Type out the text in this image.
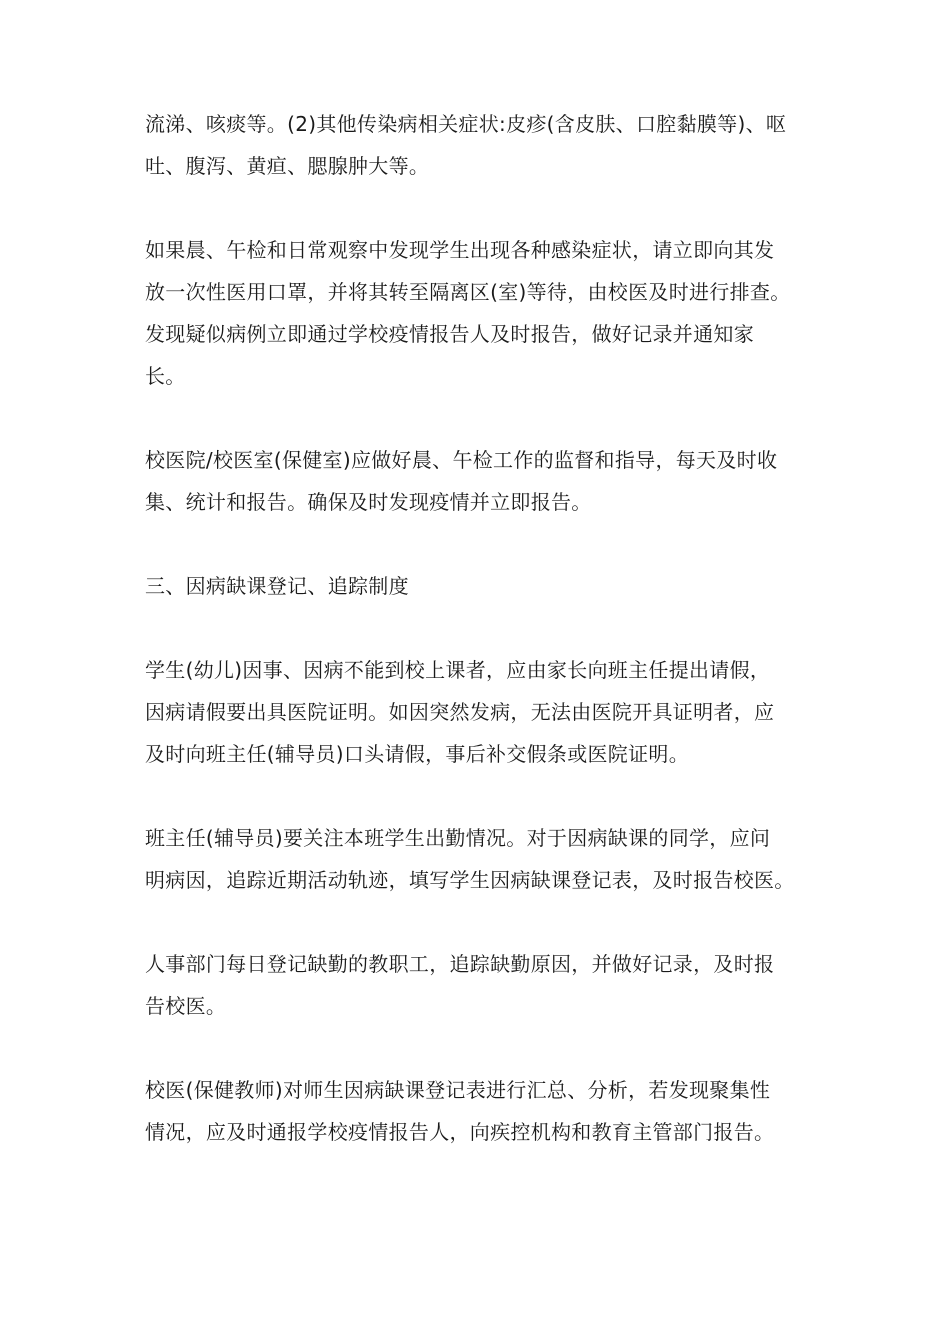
流涕、咳痰等。(2)其他传染病相关症状:皮疹(含皮肤、口腔黏膜等)、呕
吐、腹泻、黄疸、腮腺肿大等。
如果晨、午检和日常观察中发现学生出现各种感染症状，请立即向其发
放一次性医用口罩，并将其转至隔离区(室)等待，由校医及时进行排查。
发现疑似病例立即通过学校疫情报告人及时报告，做好记录并通知家
长。
校医院/校医室(保健室)应做好晨、午检工作的监督和指导，每天及时收
集、统计和报告。确保及时发现疫情并立即报告。
三、因病缺课登记、追踪制度
学生(幼儿)因事、因病不能到校上课者，应由家长向班主任提出请假，
因病请假要出具医院证明。如因突然发病，无法由医院开具证明者，应
及时向班主任(辅导员)口头请假，事后补交假条或医院证明。
班主任(辅导员)要关注本班学生出勤情况。对于因病缺课的同学，应问
明病因，追踪近期活动轨迹，填写学生因病缺课登记表，及时报告校医。
人事部门每日登记缺勤的教职工，追踪缺勤原因，并做好记录，及时报
告校医。
校医(保健教师)对师生因病缺课登记表进行汇总、分析，若发现聚集性
情况，应及时通报学校疫情报告人，向疾控机构和教育主管部门报告。
